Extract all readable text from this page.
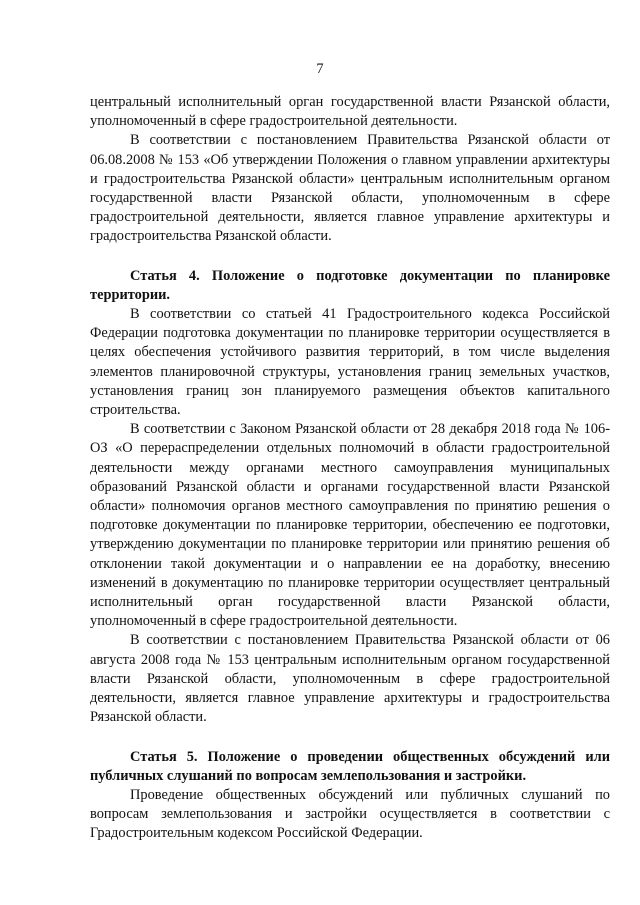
7

центральный исполнительный орган государственной власти Рязанской области, уполномоченный в сфере градостроительной деятельности.

В соответствии с постановлением Правительства Рязанской области от 06.08.2008 № 153 «Об утверждении Положения о главном управлении архитектуры и градостроительства Рязанской области» центральным исполнительным органом государственной власти Рязанской области, уполномоченным в сфере градостроительной деятельности, является главное управление архитектуры и градостроительства Рязанской области.

Статья 4. Положение о подготовке документации по планировке территории.

В соответствии со статьей 41 Градостроительного кодекса Российской Федерации подготовка документации по планировке территории осуществляется в целях обеспечения устойчивого развития территорий, в том числе выделения элементов планировочной структуры, установления границ земельных участков, установления границ зон планируемого размещения объектов капитального строительства.

В соответствии с Законом Рязанской области от 28 декабря 2018 года № 106-ОЗ «О перераспределении отдельных полномочий в области градостроительной деятельности между органами местного самоуправления муниципальных образований Рязанской области и органами государственной власти Рязанской области» полномочия органов местного самоуправления по принятию решения о подготовке документации по планировке территории, обеспечению ее подготовки, утверждению документации по планировке территории или принятию решения об отклонении такой документации и о направлении ее на доработку, внесению изменений в документацию по планировке территории осуществляет центральный исполнительный орган государственной власти Рязанской области, уполномоченный в сфере градостроительной деятельности.

В соответствии с постановлением Правительства Рязанской области от 06 августа 2008 года № 153 центральным исполнительным органом государственной власти Рязанской области, уполномоченным в сфере градостроительной деятельности, является главное управление архитектуры и градостроительства Рязанской области.

Статья 5. Положение о проведении общественных обсуждений или публичных слушаний по вопросам землепользования и застройки.

Проведение общественных обсуждений или публичных слушаний по вопросам землепользования и застройки осуществляется в соответствии с Градостроительным кодексом Российской Федерации.
